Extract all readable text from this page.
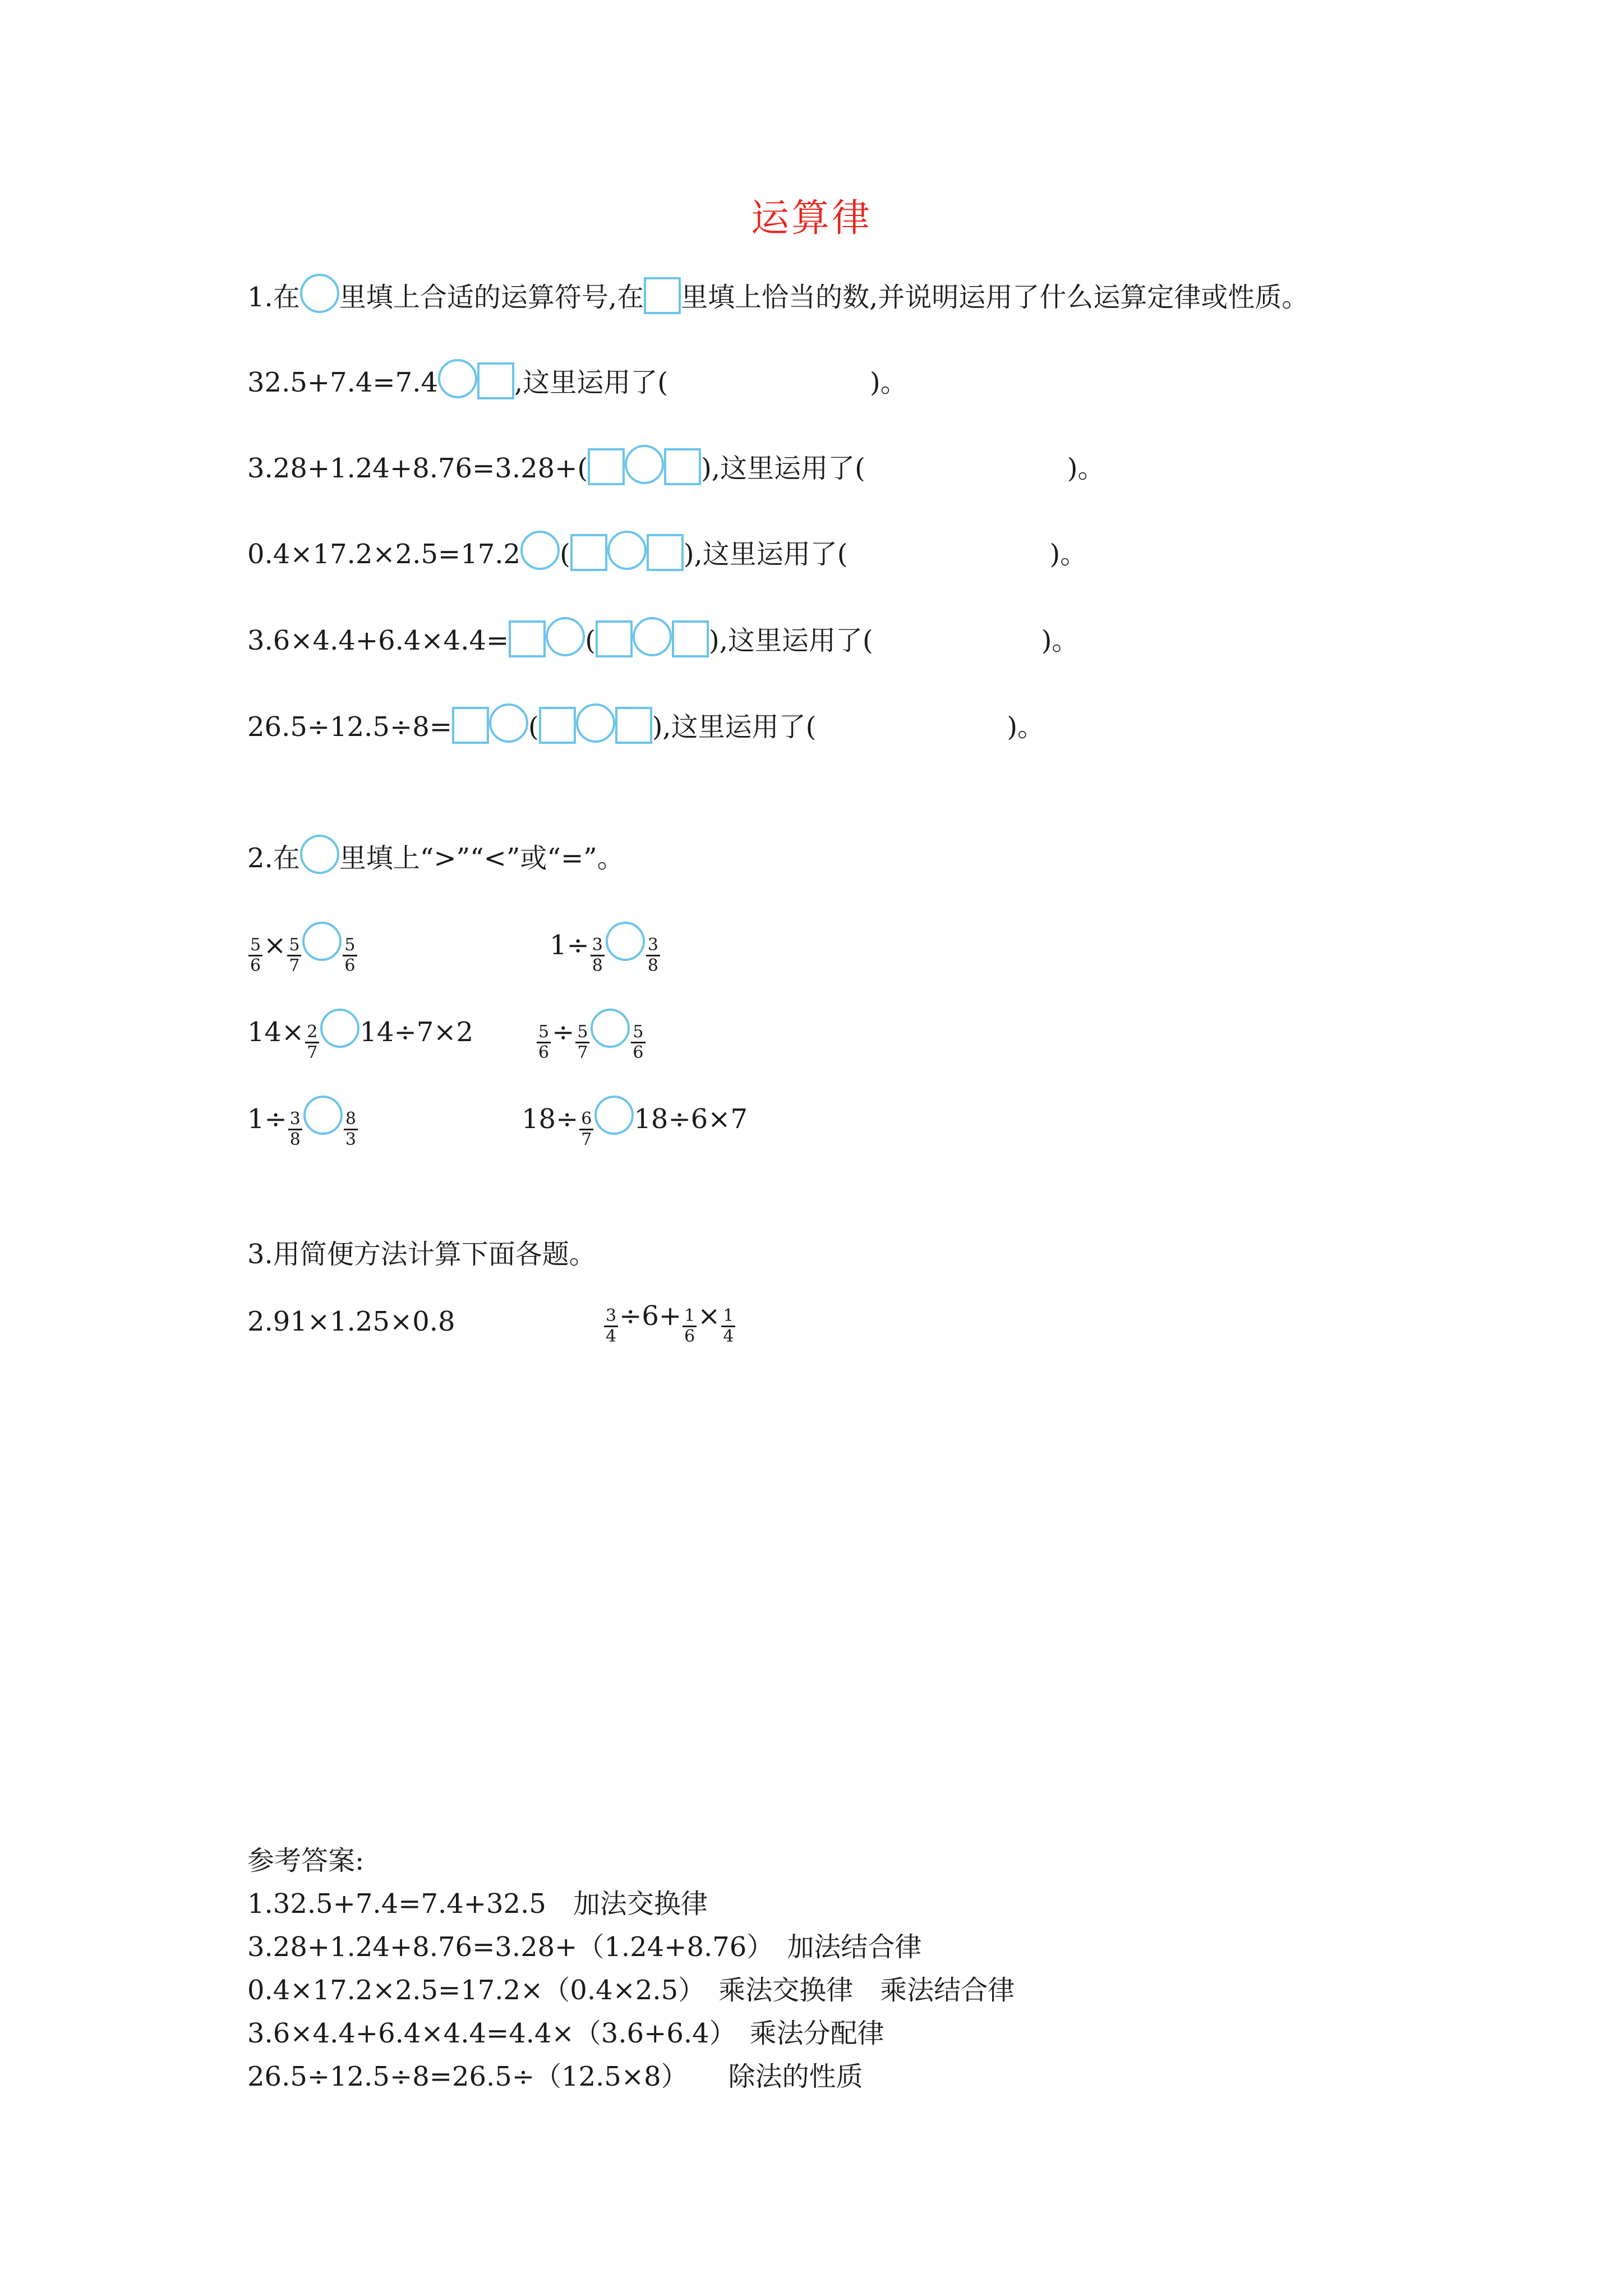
运算律
1.在 里填上合适的运算符号,在 里填上恰当的数,并说明运用了什么运算定律或性质。
32.5+7.4=7.4	,这里运用了(	)。
3.28+1.24+8.76=3.28+(	),这里运用了(	)。
0.4×17.2×2.5=17.2 (	),这里运用了(	)。
3.6×4.4+6.4×4.4=	(	),这里运用了(	)。
26.5÷12.5÷8=	(	),这里运用了(	)。
2.在 里填上“>”“<”或“=”。
$\frac{5}{6} \times \frac{5}{7} \frac{5}{6}$	$1\div \frac{3}{8} \frac{3}{8}$
$14\times \frac{2}{7} 14\div 7\times 2$	$\frac{5}{6} \div \frac{5}{7} \frac{5}{6}$
$1\div \frac{3}{8} \frac{8}{3}$	$18\div \frac{6}{7} 18\div 6\times 7$
3.用简便方法计算下面各题。
2.91×1.25×0.8	$\frac{3}{4} \div 6+ \frac{1}{6} \times \frac{1}{4}$
参考答案:
1.32.5+7.4=7.4+32.5　加法交换律
3.28+1.24+8.76=3.28+（1.24+8.76）　加法结合律
0.4×17.2×2.5=17.2×（0.4×2.5）　乘法交换律　乘法结合律
3.6×4.4+6.4×4.4=4.4×（3.6+6.4）　乘法分配律
26.5÷12.5÷8=26.5÷（12.5×8）　　除法的性质
